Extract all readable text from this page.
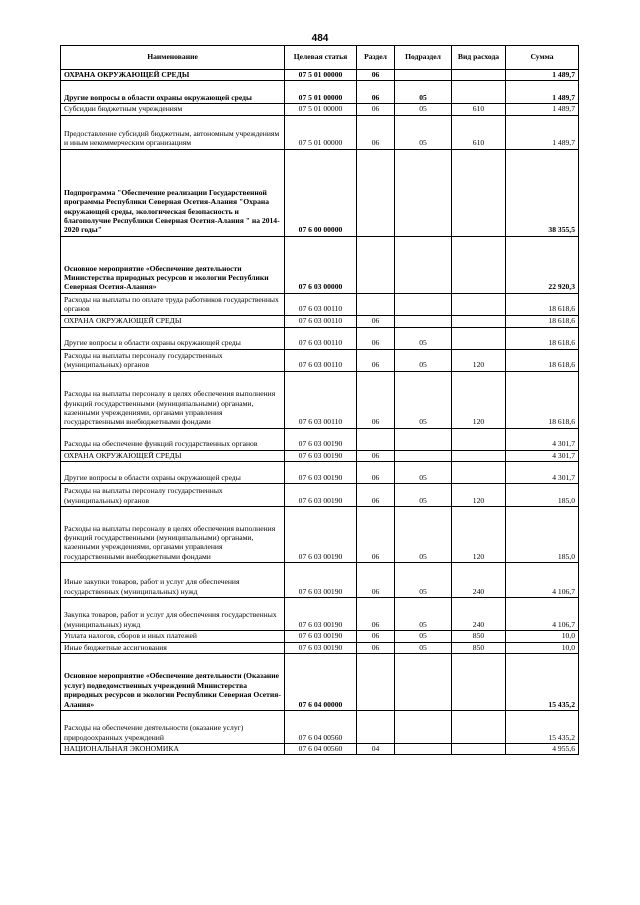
484
Наименование	Целевая статья	Раздел	Подраздел	Вид расхода	Сумма
ОХРАНА ОКРУЖАЮЩЕЙ СРЕДЫ	07 5 01 00000	06			1 489,7
Другие вопросы в области охраны окружающей среды	07 5 01 00000	06	05		1 489,7
Субсидии бюджетным учреждениям	07 5 01 00000	06	05	610	1 489,7
Предоставление субсидий бюджетным, автономным учреждениям и иным некоммерческим организациям	07 5 01 00000	06	05	610	1 489,7
Подпрограмма "Обеспечение реализации Государственной программы Республики Северная Осетия-Алания "Охрана окружающей среды, экологическая безопасность и благополучие Республики Северная Осетия-Алания " на 2014-2020 годы"	07 6 00 00000				38 355,5
Основное мероприятие «Обеспечение деятельности Министерства природных ресурсов и экологии Республики Северная Осетия-Алания»	07 6 03 00000				22 920,3
Расходы на выплаты по оплате труда работников государственных органов	07 6 03 00110				18 618,6
ОХРАНА ОКРУЖАЮЩЕЙ СРЕДЫ	07 6 03 00110	06			18 618,6
Другие вопросы в области охраны окружающей среды	07 6 03 00110	06	05		18 618,6
Расходы на выплаты персоналу государственных (муниципальных) органов	07 6 03 00110	06	05	120	18 618,6
Расходы на выплаты персоналу в целях обеспечения выполнения функций государственными (муниципальными) органами, казенными учреждениями, органами управления государственными внебюджетными фондами	07 6 03 00110	06	05	120	18 618,6
Расходы на обеспечение функций государственных органов	07 6 03 00190				4 301,7
ОХРАНА ОКРУЖАЮЩЕЙ СРЕДЫ	07 6 03 00190	06			4 301,7
Другие вопросы в области охраны окружающей среды	07 6 03 00190	06	05		4 301,7
Расходы на выплаты персоналу государственных (муниципальных) органов	07 6 03 00190	06	05	120	185,0
Расходы на выплаты персоналу в целях обеспечения выполнения функций государственными (муниципальными) органами, казенными учреждениями, органами управления государственными внебюджетными фондами	07 6 03 00190	06	05	120	185,0
Иные закупки товаров, работ и услуг для обеспечения государственных (муниципальных) нужд	07 6 03 00190	06	05	240	4 106,7
Закупка товаров, работ и услуг для обеспечения государственных (муниципальных) нужд	07 6 03 00190	06	05	240	4 106,7
Уплата налогов, сборов и иных платежей	07 6 03 00190	06	05	850	10,0
Иные бюджетные ассигнования	07 6 03 00190	06	05	850	10,0
Основное мероприятие «Обеспечение деятельности (Оказание услуг) подведомственных учреждений Министерства природных ресурсов и экологии Республики Северная Осетия-Алания»	07 6 04 00000				15 435,2
Расходы на обеспечение деятельности (оказание услуг) природоохранных учреждений	07 6 04 00560				15 435,2
НАЦИОНАЛЬНАЯ ЭКОНОМИКА	07 6 04 00560	04			4 955,6
